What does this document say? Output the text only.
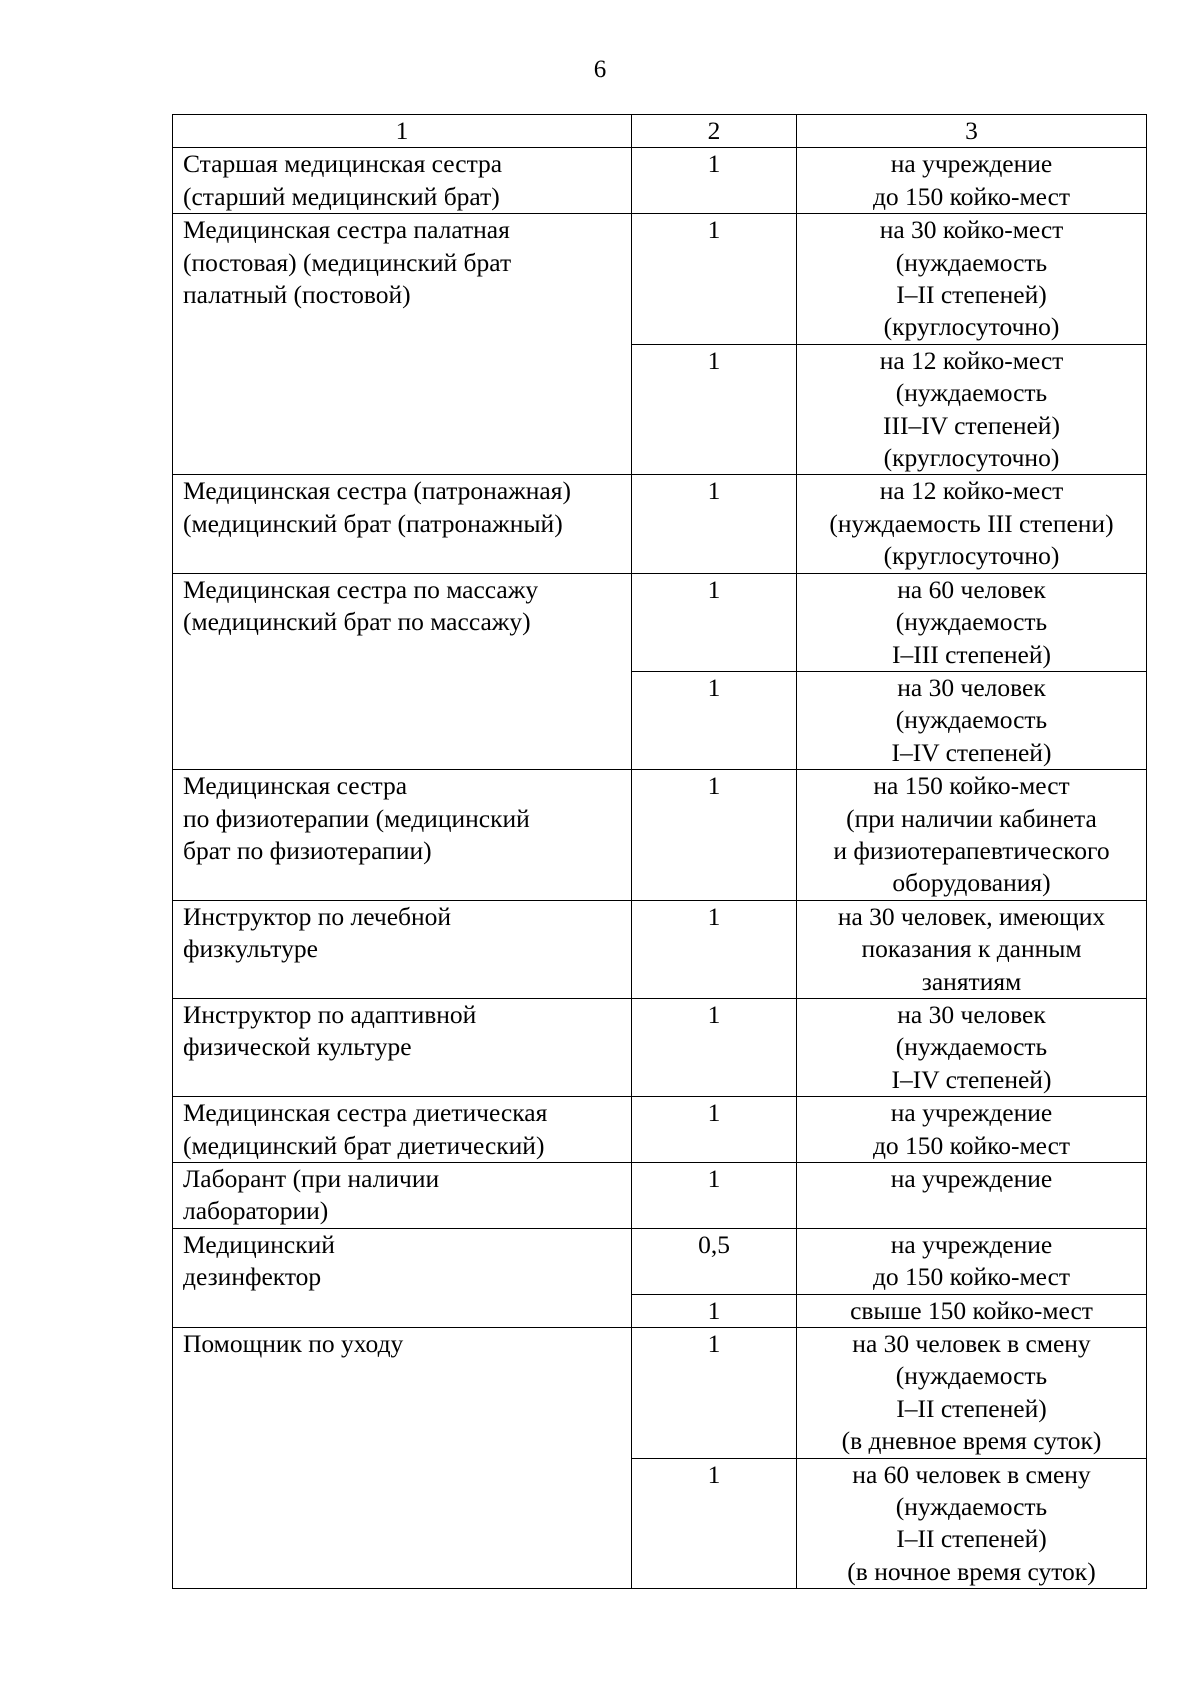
6
1	2	3

Старшая медицинская сестра
(старший медицинский брат)	1	на учреждение
до 150 койко-мест

Медицинская сестра палатная
(постовая) (медицинский брат
палатный (постовой)	1	на 30 койко-мест
(нуждаемость
I–II степеней)
(круглосуточно)

	1	на 12 койко-мест
(нуждаемость
III–IV степеней)
(круглосуточно)

Медицинская сестра (патронажная)
(медицинский брат (патронажный)	1	на 12 койко-мест
(нуждаемость III степени)
(круглосуточно)

Медицинская сестра по массажу
(медицинский брат по массажу)	1	на 60 человек
(нуждаемость
I–III степеней)

	1	на 30 человек
(нуждаемость
I–IV степеней)

Медицинская сестра
по физиотерапии (медицинский
брат по физиотерапии)	1	на 150 койко-мест
(при наличии кабинета
и физиотерапевтического
оборудования)

Инструктор по лечебной
физкультуре	1	на 30 человек, имеющих
показания к данным
занятиям

Инструктор по адаптивной
физической культуре	1	на 30 человек
(нуждаемость
I–IV степеней)

Медицинская сестра диетическая
(медицинский брат диетический)	1	на учреждение
до 150 койко-мест

Лаборант (при наличии
лаборатории)	1	на учреждение

Медицинский
дезинфектор	0,5	на учреждение
до 150 койко-мест

	1	свыше 150 койко-мест

Помощник по уходу	1	на 30 человек в смену
(нуждаемость
I–II степеней)
(в дневное время суток)

	1	на 60 человек в смену
(нуждаемость
I–II степеней)
(в ночное время суток)
